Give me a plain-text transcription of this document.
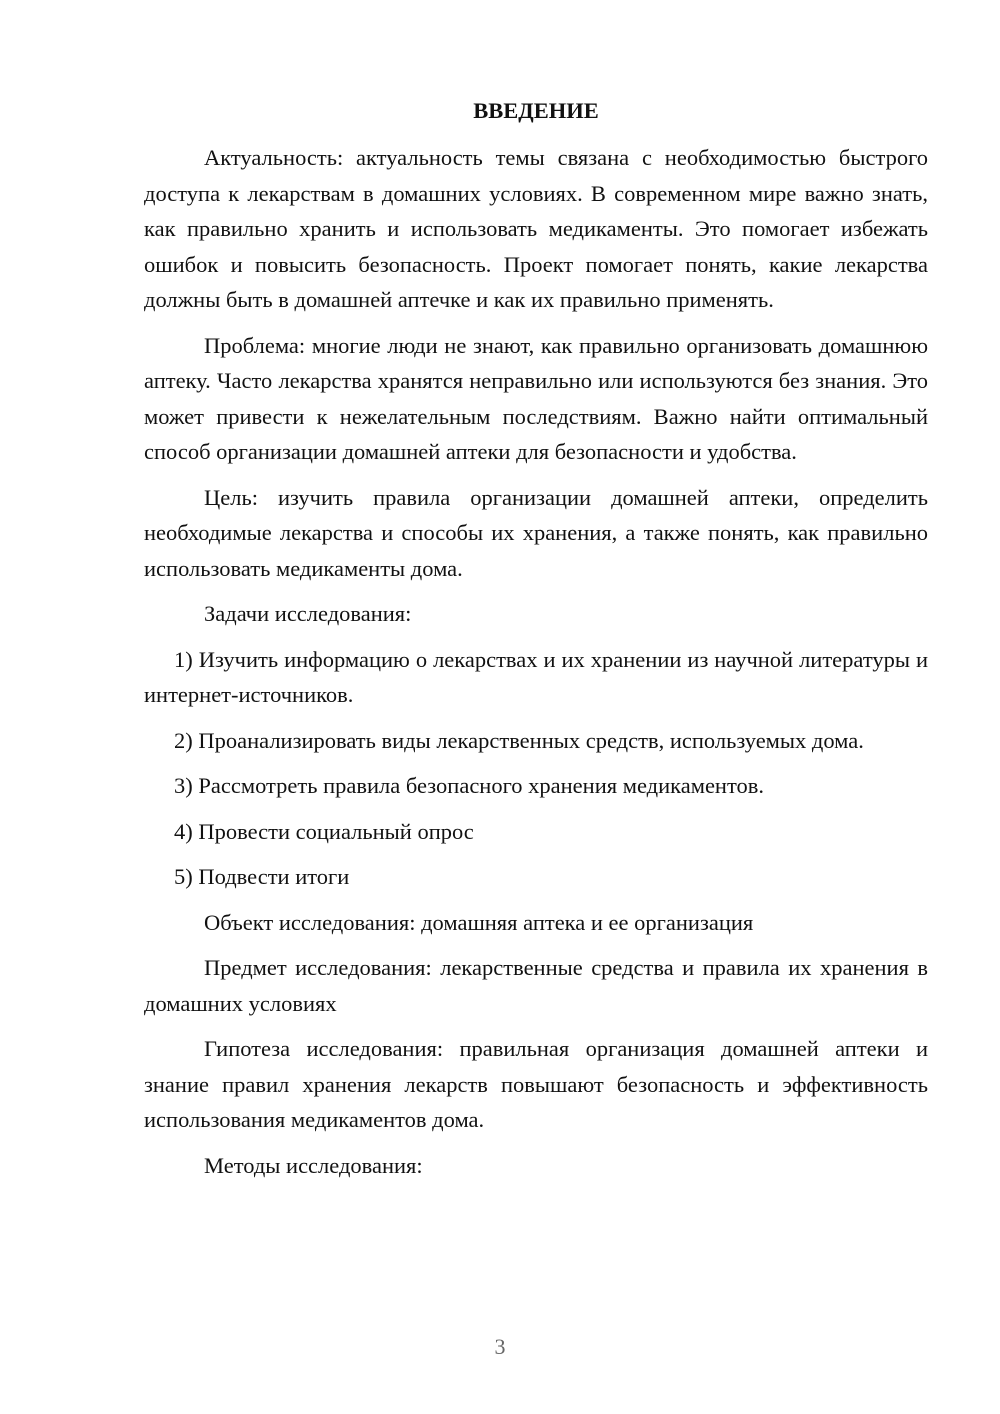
ВВЕДЕНИЕ

Актуальность: актуальность темы связана с необходимостью быстрого доступа к лекарствам в домашних условиях. В современном мире важно знать, как правильно хранить и использовать медикаменты. Это помогает избежать ошибок и повысить безопасность. Проект помогает понять, какие лекарства должны быть в домашней аптечке и как их правильно применять.

Проблема: многие люди не знают, как правильно организовать домашнюю аптеку. Часто лекарства хранятся неправильно или используются без знания. Это может привести к нежелательным последствиям. Важно найти оптимальный способ организации домашней аптеки для безопасности и удобства.

Цель: изучить правила организации домашней аптеки, определить необходимые лекарства и способы их хранения, а также понять, как правильно использовать медикаменты дома.

Задачи исследования:

1) Изучить информацию о лекарствах и их хранении из научной литературы и интернет-источников.

2) Проанализировать виды лекарственных средств, используемых дома.

3) Рассмотреть правила безопасного хранения медикаментов.

4) Провести социальный опрос

5) Подвести итоги

Объект исследования: домашняя аптека и ее организация

Предмет исследования: лекарственные средства и правила их хранения в домашних условиях

Гипотеза исследования: правильная организация домашней аптеки и знание правил хранения лекарств повышают безопасность и эффективность использования медикаментов дома.

Методы исследования:

3
